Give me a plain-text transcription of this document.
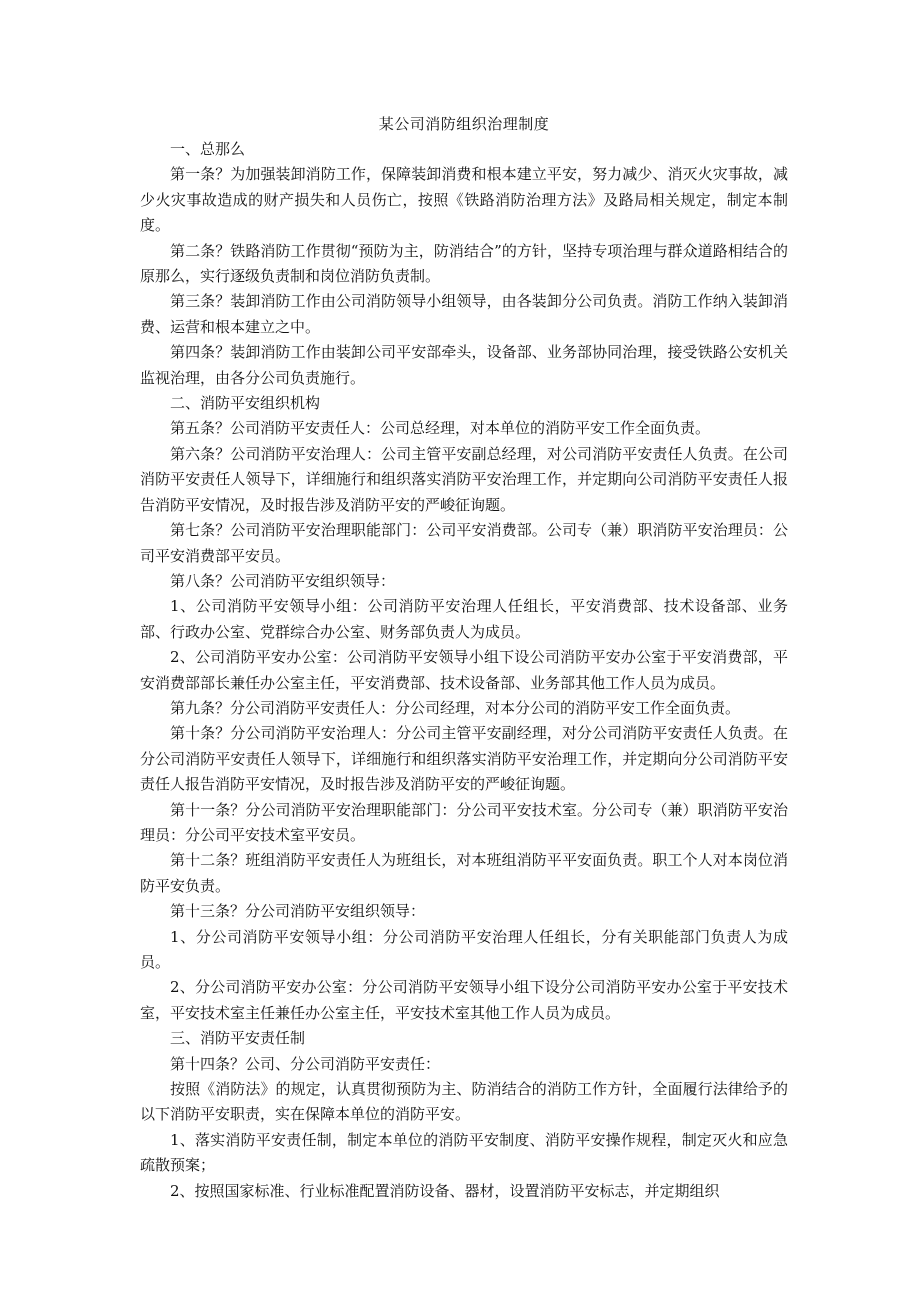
某公司消防组织治理制度

一、总那么

第一条？为加强装卸消防工作，保障装卸消费和根本建立平安，努力减少、消灭火灾事故，减少火灾事故造成的财产损失和人员伤亡，按照《铁路消防治理方法》及路局相关规定，制定本制度。

第二条？铁路消防工作贯彻“预防为主，防消结合”的方针，坚持专项治理与群众道路相结合的原那么，实行逐级负责制和岗位消防负责制。

第三条？装卸消防工作由公司消防领导小组领导，由各装卸分公司负责。消防工作纳入装卸消费、运营和根本建立之中。

第四条？装卸消防工作由装卸公司平安部牵头，设备部、业务部协同治理，接受铁路公安机关监视治理，由各分公司负责施行。

二、消防平安组织机构

第五条？公司消防平安责任人：公司总经理，对本单位的消防平安工作全面负责。

第六条？公司消防平安治理人：公司主管平安副总经理，对公司消防平安责任人负责。在公司消防平安责任人领导下，详细施行和组织落实消防平安治理工作，并定期向公司消防平安责任人报告消防平安情况，及时报告涉及消防平安的严峻征询题。

第七条？公司消防平安治理职能部门：公司平安消费部。公司专（兼）职消防平安治理员：公司平安消费部平安员。

第八条？公司消防平安组织领导：

1、公司消防平安领导小组：公司消防平安治理人任组长，平安消费部、技术设备部、业务部、行政办公室、党群综合办公室、财务部负责人为成员。

2、公司消防平安办公室：公司消防平安领导小组下设公司消防平安办公室于平安消费部，平安消费部部长兼任办公室主任，平安消费部、技术设备部、业务部其他工作人员为成员。

第九条？分公司消防平安责任人：分公司经理，对本分公司的消防平安工作全面负责。

第十条？分公司消防平安治理人：分公司主管平安副经理，对分公司消防平安责任人负责。在分公司消防平安责任人领导下，详细施行和组织落实消防平安治理工作，并定期向分公司消防平安责任人报告消防平安情况，及时报告涉及消防平安的严峻征询题。

第十一条？分公司消防平安治理职能部门：分公司平安技术室。分公司专（兼）职消防平安治理员：分公司平安技术室平安员。

第十二条？班组消防平安责任人为班组长，对本班组消防平平安面负责。职工个人对本岗位消防平安负责。

第十三条？分公司消防平安组织领导：

1、分公司消防平安领导小组：分公司消防平安治理人任组长，分有关职能部门负责人为成员。

2、分公司消防平安办公室：分公司消防平安领导小组下设分公司消防平安办公室于平安技术室，平安技术室主任兼任办公室主任，平安技术室其他工作人员为成员。

三、消防平安责任制

第十四条？公司、分公司消防平安责任：

按照《消防法》的规定，认真贯彻预防为主、防消结合的消防工作方针，全面履行法律给予的以下消防平安职责，实在保障本单位的消防平安。

1、落实消防平安责任制，制定本单位的消防平安制度、消防平安操作规程，制定灭火和应急疏散预案；

2、按照国家标准、行业标准配置消防设备、器材，设置消防平安标志，并定期组织
